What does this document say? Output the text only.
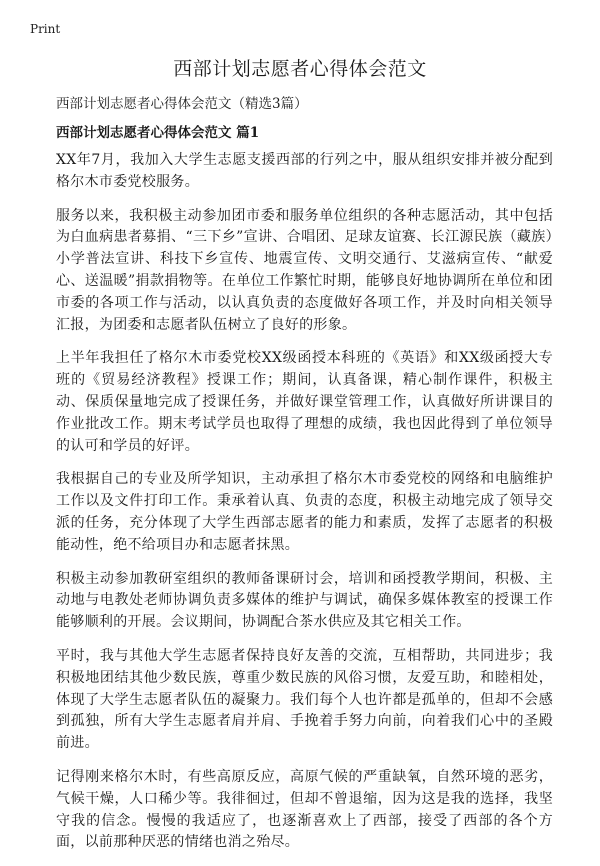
Print
西部计划志愿者心得体会范文
西部计划志愿者心得体会范文（精选3篇）
西部计划志愿者心得体会范文 篇1

XX年7月，我加入大学生志愿支援西部的行列之中，服从组织安排并被分配到格尔木市委党校服务。

服务以来，我积极主动参加团市委和服务单位组织的各种志愿活动，其中包括为白血病患者募捐、“三下乡”宣讲、合唱团、足球友谊赛、长江源民族（藏族）小学普法宣讲、科技下乡宣传、地震宣传、文明交通行、艾滋病宣传、“献爱心、送温暖”捐款捐物等。在单位工作繁忙时期，能够良好地协调所在单位和团市委的各项工作与活动，以认真负责的态度做好各项工作，并及时向相关领导汇报，为团委和志愿者队伍树立了良好的形象。

上半年我担任了格尔木市委党校XX级函授本科班的《英语》和XX级函授大专班的《贸易经济教程》授课工作；期间，认真备课，精心制作课件，积极主动、保质保量地完成了授课任务，并做好课堂管理工作，认真做好所讲课目的作业批改工作。期末考试学员也取得了理想的成绩，我也因此得到了单位领导的认可和学员的好评。

我根据自己的专业及所学知识，主动承担了格尔木市委党校的网络和电脑维护工作以及文件打印工作。秉承着认真、负责的态度，积极主动地完成了领导交派的任务，充分体现了大学生西部志愿者的能力和素质，发挥了志愿者的积极能动性，绝不给项目办和志愿者抹黑。

积极主动参加教研室组织的教师备课研讨会，培训和函授教学期间，积极、主动地与电教处老师协调负责多媒体的维护与调试，确保多媒体教室的授课工作能够顺利的开展。会议期间，协调配合茶水供应及其它相关工作。

平时，我与其他大学生志愿者保持良好友善的交流，互相帮助，共同进步；我积极地团结其他少数民族，尊重少数民族的风俗习惯，友爱互助，和睦相处，体现了大学生志愿者队伍的凝聚力。我们每个人也许都是孤单的，但却不会感到孤独，所有大学生志愿者肩并肩、手挽着手努力向前，向着我们心中的圣殿前进。

记得刚来格尔木时，有些高原反应，高原气候的严重缺氧，自然环境的恶劣，气候干燥，人口稀少等。我徘徊过，但却不曾退缩，因为这是我的选择，我坚守我的信念。慢慢的我适应了，也逐渐喜欢上了西部，接受了西部的各个方面，以前那种厌恶的情绪也消之殆尽。
